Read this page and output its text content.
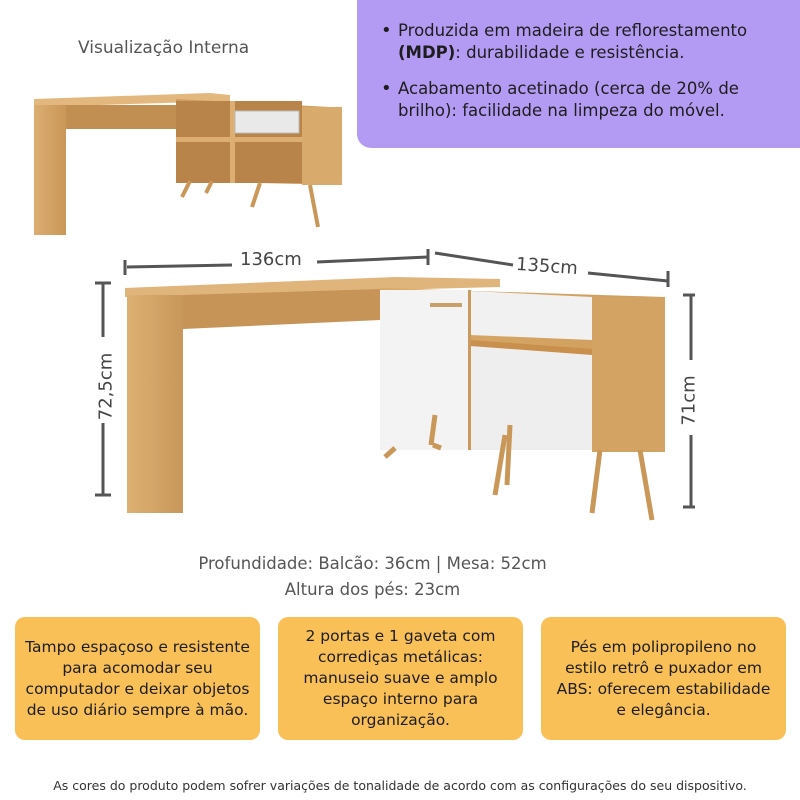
• Produzida em madeira de reflorestamento (MDP): durabilidade e resistência.
• Acabamento acetinado (cerca de 20% de brilho): facilidade na limpeza do móvel.
Visualização Interna
136cm	135cm
72,5cm	71cm
Profundidade: Balcão: 36cm | Mesa: 52cm
Altura dos pés: 23cm
Tampo espaçoso e resistente para acomodar seu computador e deixar objetos de uso diário sempre à mão.
2 portas e 1 gaveta com corrediças metálicas: manuseio suave e amplo espaço interno para organização.
Pés em polipropileno no estilo retrô e puxador em ABS: oferecem estabilidade e elegância.
As cores do produto podem sofrer variações de tonalidade de acordo com as configurações do seu dispositivo.
